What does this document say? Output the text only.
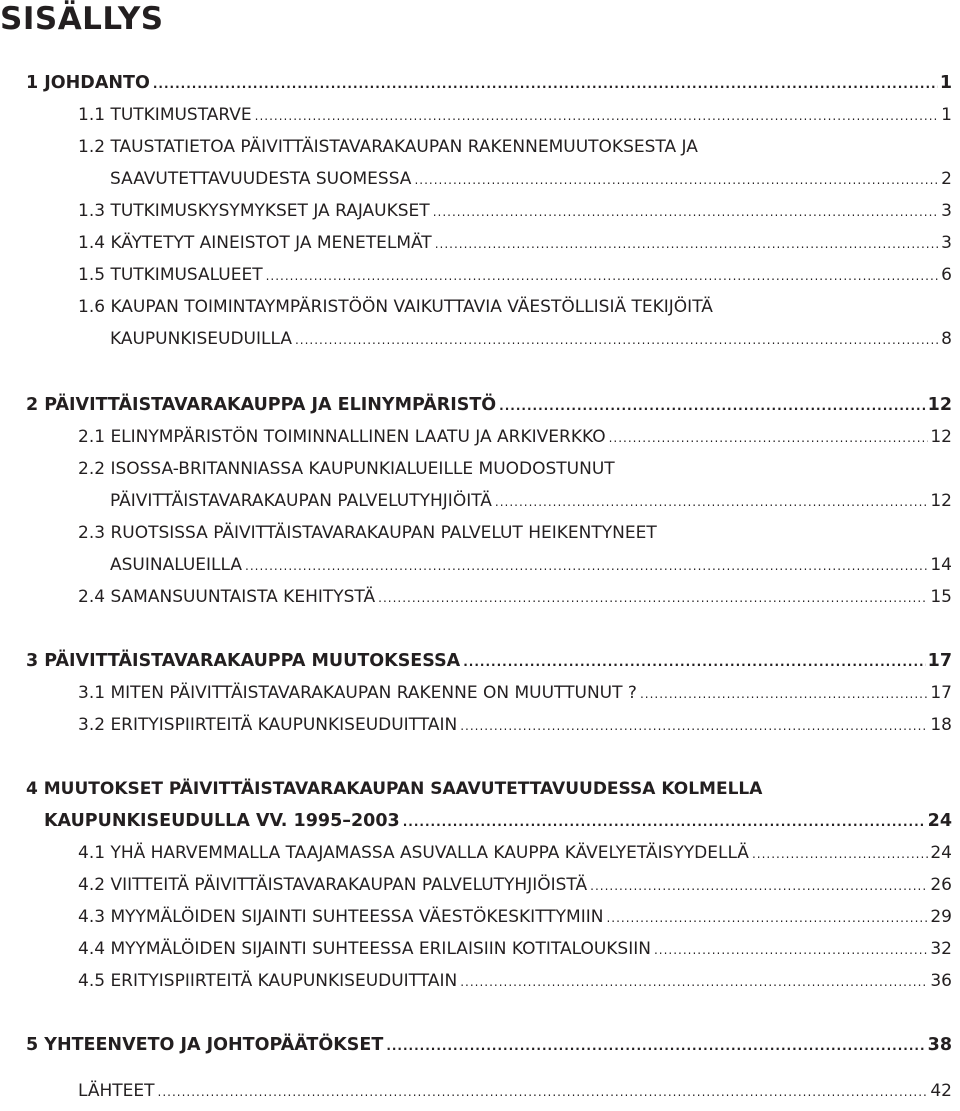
SISÄLLYS
1 JOHDANTO .....	1
1.1 TUTKIMUSTARVE .....	1
1.2 TAUSTATIETOA PÄIVITTÄISTAVARAKAUPAN RAKENNEMUUTOKSESTA JA
SAAVUTETTAVUUDESTA SUOMESSA .....	2
1.3 TUTKIMUSKYSYMYKSET JA RAJAUKSET .....	3
1.4 KÄYTETYT AINEISTOT JA MENETELMÄT .....	3
1.5 TUTKIMUSALUEET .....	6
1.6 KAUPAN TOIMINTAYMPÄRISTÖÖN VAIKUTTAVIA VÄESTÖLLISIÄ TEKIJÖITÄ
KAUPUNKISEUDUILLA .....	8
2 PÄIVITTÄISTAVARAKAUPPA JA ELINYMPÄRISTÖ .....	12
2.1 ELINYMPÄRISTÖN TOIMINNALLINEN LAATU JA ARKIVERKKO .....	12
2.2 ISOSSA-BRITANNIASSA KAUPUNKIALUEILLE MUODOSTUNUT
PÄIVITTÄISTAVARAKAUPAN PALVELUTYHJIÖITÄ .....	12
2.3 RUOTSISSA PÄIVITTÄISTAVARAKAUPAN PALVELUT HEIKENTYNEET
ASUINALUEILLA .....	14
2.4 SAMANSUUNTAISTA KEHITYSTÄ .....	15
3 PÄIVITTÄISTAVARAKAUPPA MUUTOKSESSA .....	17
3.1 MITEN PÄIVITTÄISTAVARAKAUPAN RAKENNE ON MUUTTUNUT ? .....	17
3.2 ERITYISPIIRTEITÄ KAUPUNKISEUDUITTAIN .....	18
4 MUUTOKSET PÄIVITTÄISTAVARAKAUPAN SAAVUTETTAVUUDESSA KOLMELLA
KAUPUNKISEUDULLA VV. 1995–2003 .....	24
4.1 YHÄ HARVEMMALLA TAAJAMASSA ASUVALLA KAUPPA KÄVELYETÄISYYDELLÄ .....	24
4.2 VIITTEITÄ PÄIVITTÄISTAVARAKAUPAN PALVELUTYHJIÖISTÄ .....	26
4.3 MYYMÄLÖIDEN SIJAINTI SUHTEESSA VÄESTÖKESKITTYMIIN .....	29
4.4 MYYMÄLÖIDEN SIJAINTI SUHTEESSA ERILAISIIN KOTITALOUKSIIN .....	32
4.5 ERITYISPIIRTEITÄ KAUPUNKISEUDUITTAIN .....	36
5 YHTEENVETO JA JOHTOPÄÄTÖKSET .....	38
LÄHTEET .....	42
